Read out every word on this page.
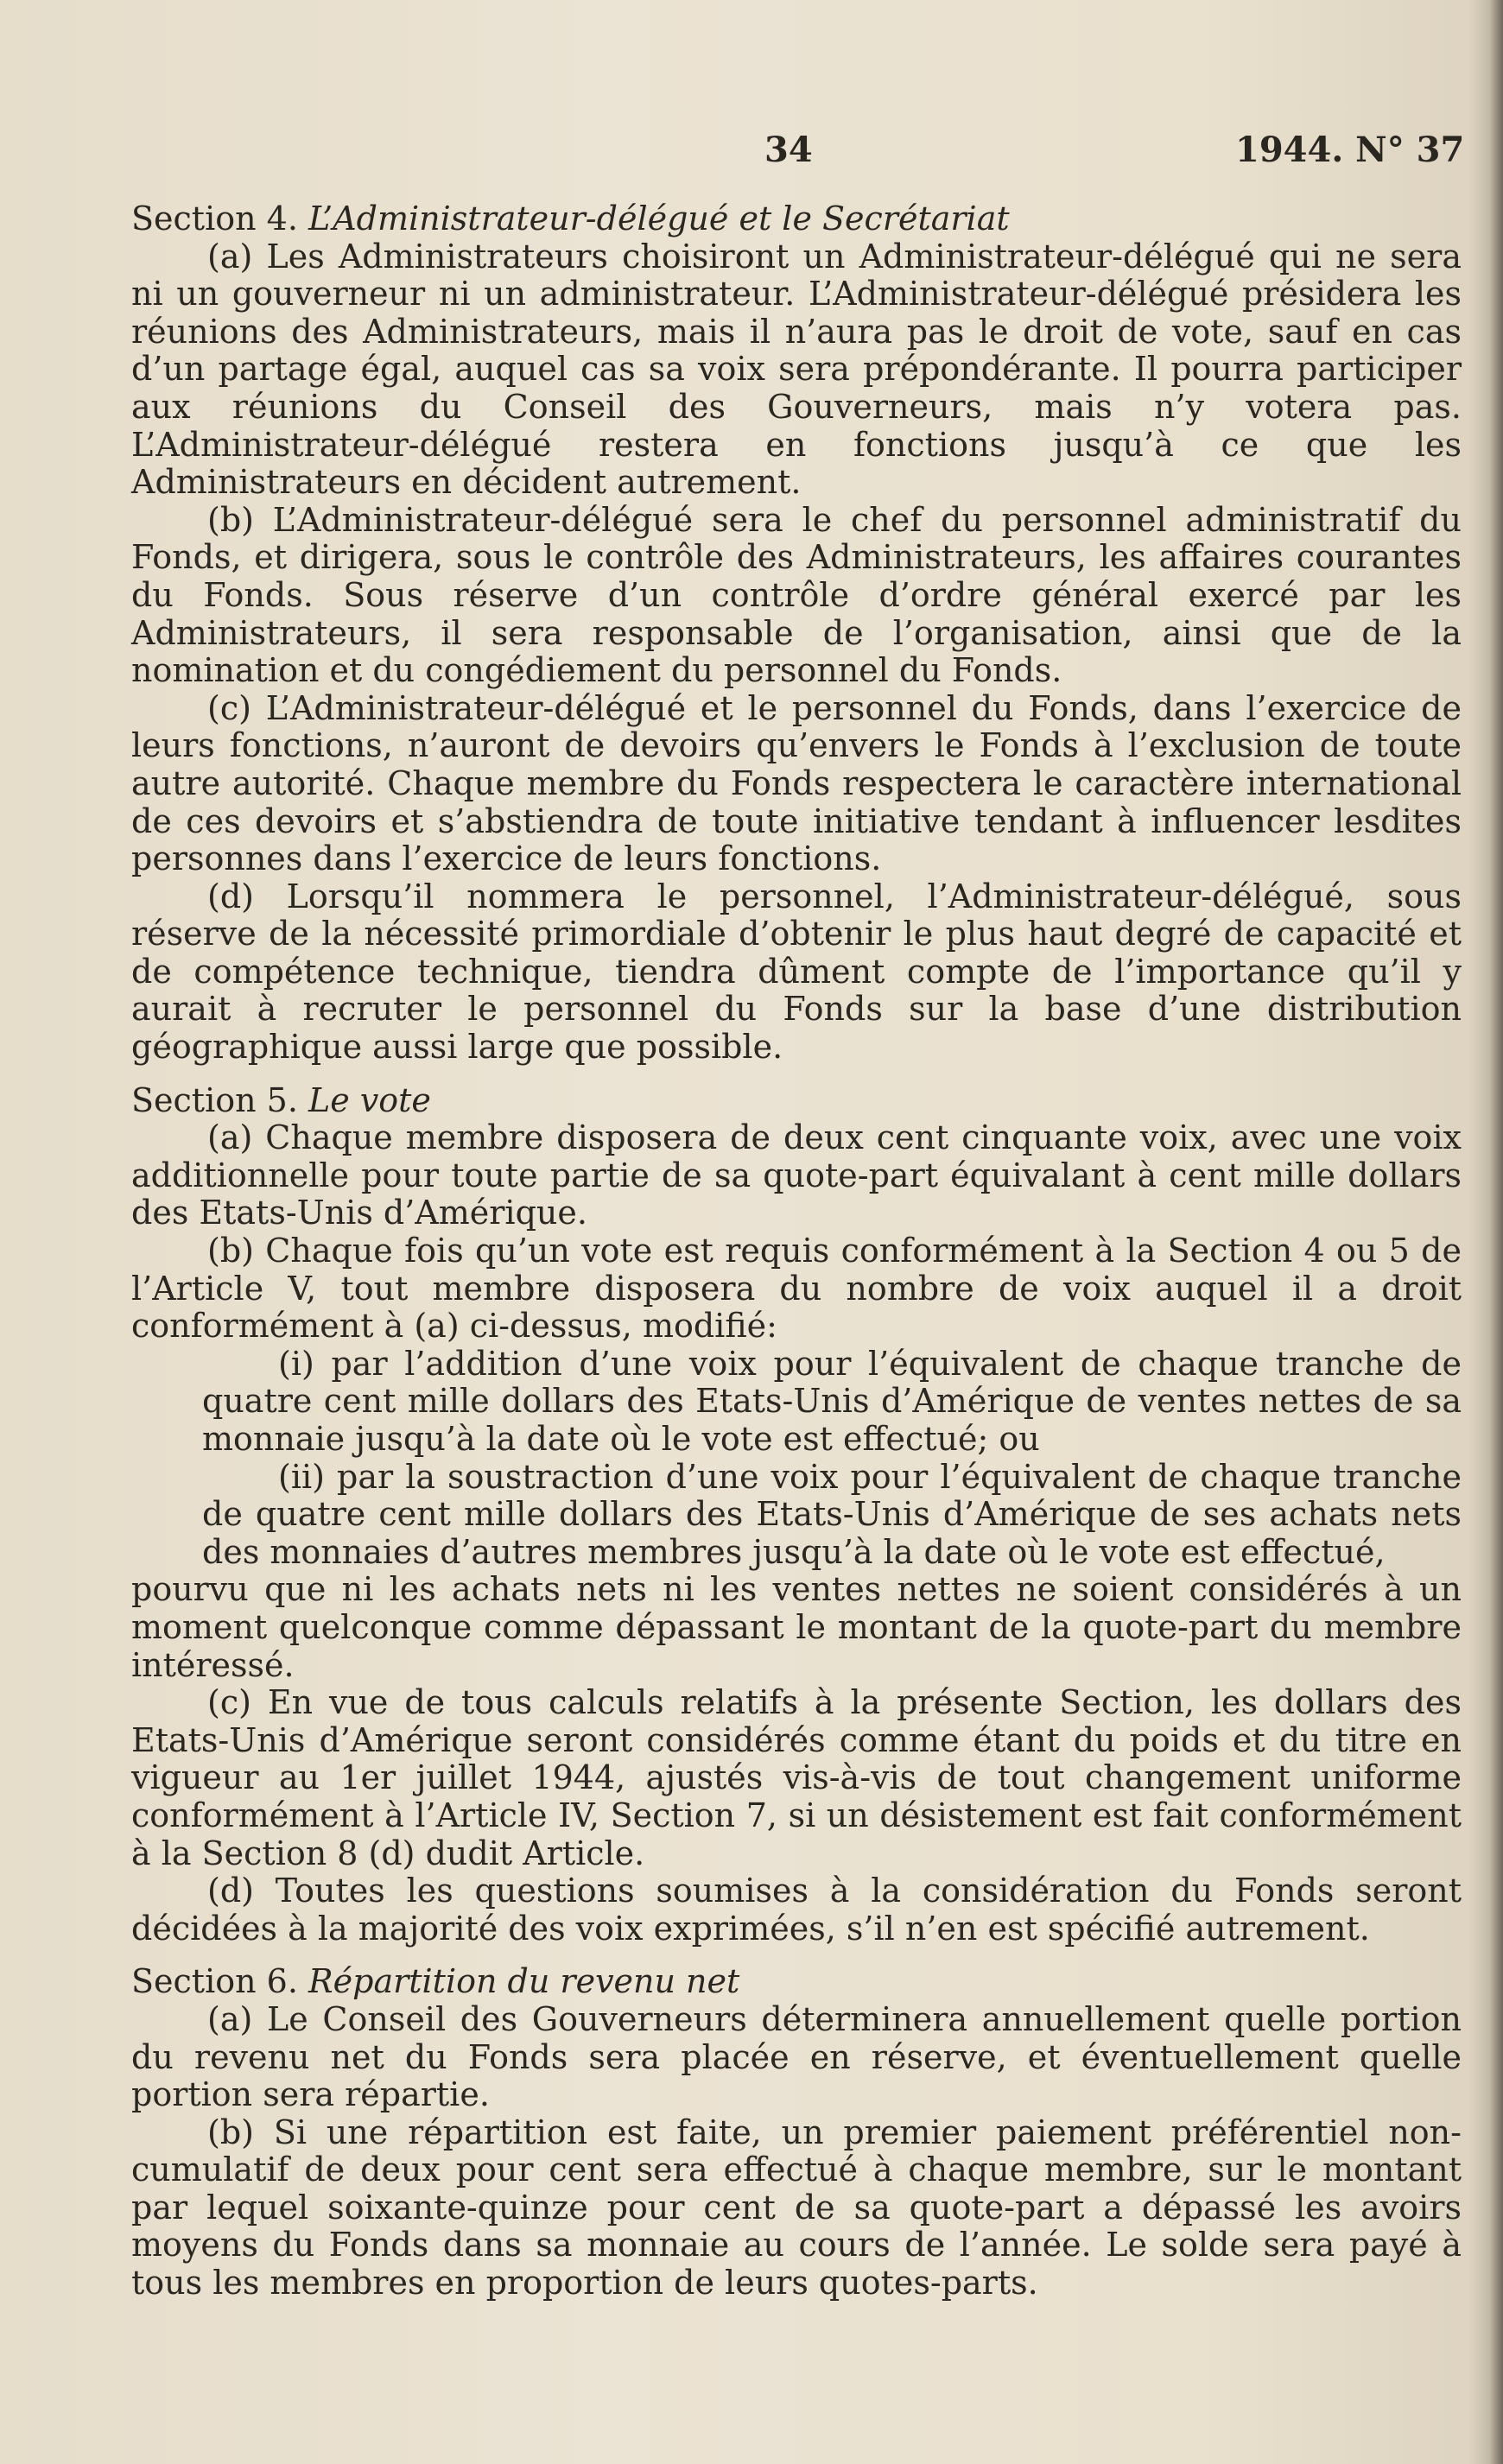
34	1944. N° 37

Section 4. L’Administrateur-délégué et le Secrétariat

(a) Les Administrateurs choisiront un Administrateur-délégué qui ne sera ni un gouverneur ni un administrateur. L’Administrateur-délégué présidera les réunions des Administrateurs, mais il n’aura pas le droit de vote, sauf en cas d’un partage égal, auquel cas sa voix sera prépondérante. Il pourra participer aux réunions du Conseil des Gouverneurs, mais n’y votera pas. L’Administrateur-délégué restera en fonctions jusqu’à ce que les Administrateurs en décident autrement.

(b) L’Administrateur-délégué sera le chef du personnel administratif du Fonds, et dirigera, sous le contrôle des Administrateurs, les affaires courantes du Fonds. Sous réserve d’un contrôle d’ordre général exercé par les Administrateurs, il sera responsable de l’organisation, ainsi que de la nomination et du congédiement du personnel du Fonds.

(c) L’Administrateur-délégué et le personnel du Fonds, dans l’exercice de leurs fonctions, n’auront de devoirs qu’envers le Fonds à l’exclusion de toute autre autorité. Chaque membre du Fonds respectera le caractère international de ces devoirs et s’abstiendra de toute initiative tendant à influencer lesdites personnes dans l’exercice de leurs fonctions.

(d) Lorsqu’il nommera le personnel, l’Administrateur-délégué, sous réserve de la nécessité primordiale d’obtenir le plus haut degré de capacité et de compétence technique, tiendra dûment compte de l’importance qu’il y aurait à recruter le personnel du Fonds sur la base d’une distribution géographique aussi large que possible.

Section 5. Le vote

(a) Chaque membre disposera de deux cent cinquante voix, avec une voix additionnelle pour toute partie de sa quote-part équivalant à cent mille dollars des Etats-Unis d’Amérique.

(b) Chaque fois qu’un vote est requis conformément à la Section 4 ou 5 de l’Article V, tout membre disposera du nombre de voix auquel il a droit conformément à (a) ci-dessus, modifié:

(i) par l’addition d’une voix pour l’équivalent de chaque tranche de quatre cent mille dollars des Etats-Unis d’Amérique de ventes nettes de sa monnaie jusqu’à la date où le vote est effectué; ou

(ii) par la soustraction d’une voix pour l’équivalent de chaque tranche de quatre cent mille dollars des Etats-Unis d’Amérique de ses achats nets des monnaies d’autres membres jusqu’à la date où le vote est effectué,

pourvu que ni les achats nets ni les ventes nettes ne soient considérés à un moment quelconque comme dépassant le montant de la quote-part du membre intéressé.

(c) En vue de tous calculs relatifs à la présente Section, les dollars des Etats-Unis d’Amérique seront considérés comme étant du poids et du titre en vigueur au 1er juillet 1944, ajustés vis-à-vis de tout changement uniforme conformément à l’Article IV, Section 7, si un désistement est fait conformément à la Section 8 (d) dudit Article.

(d) Toutes les questions soumises à la considération du Fonds seront décidées à la majorité des voix exprimées, s’il n’en est spécifié autrement.

Section 6. Répartition du revenu net

(a) Le Conseil des Gouverneurs déterminera annuellement quelle portion du revenu net du Fonds sera placée en réserve, et éventuellement quelle portion sera répartie.

(b) Si une répartition est faite, un premier paiement préférentiel non-cumulatif de deux pour cent sera effectué à chaque membre, sur le montant par lequel soixante-quinze pour cent de sa quote-part a dépassé les avoirs moyens du Fonds dans sa monnaie au cours de l’année. Le solde sera payé à tous les membres en proportion de leurs quotes-parts.
